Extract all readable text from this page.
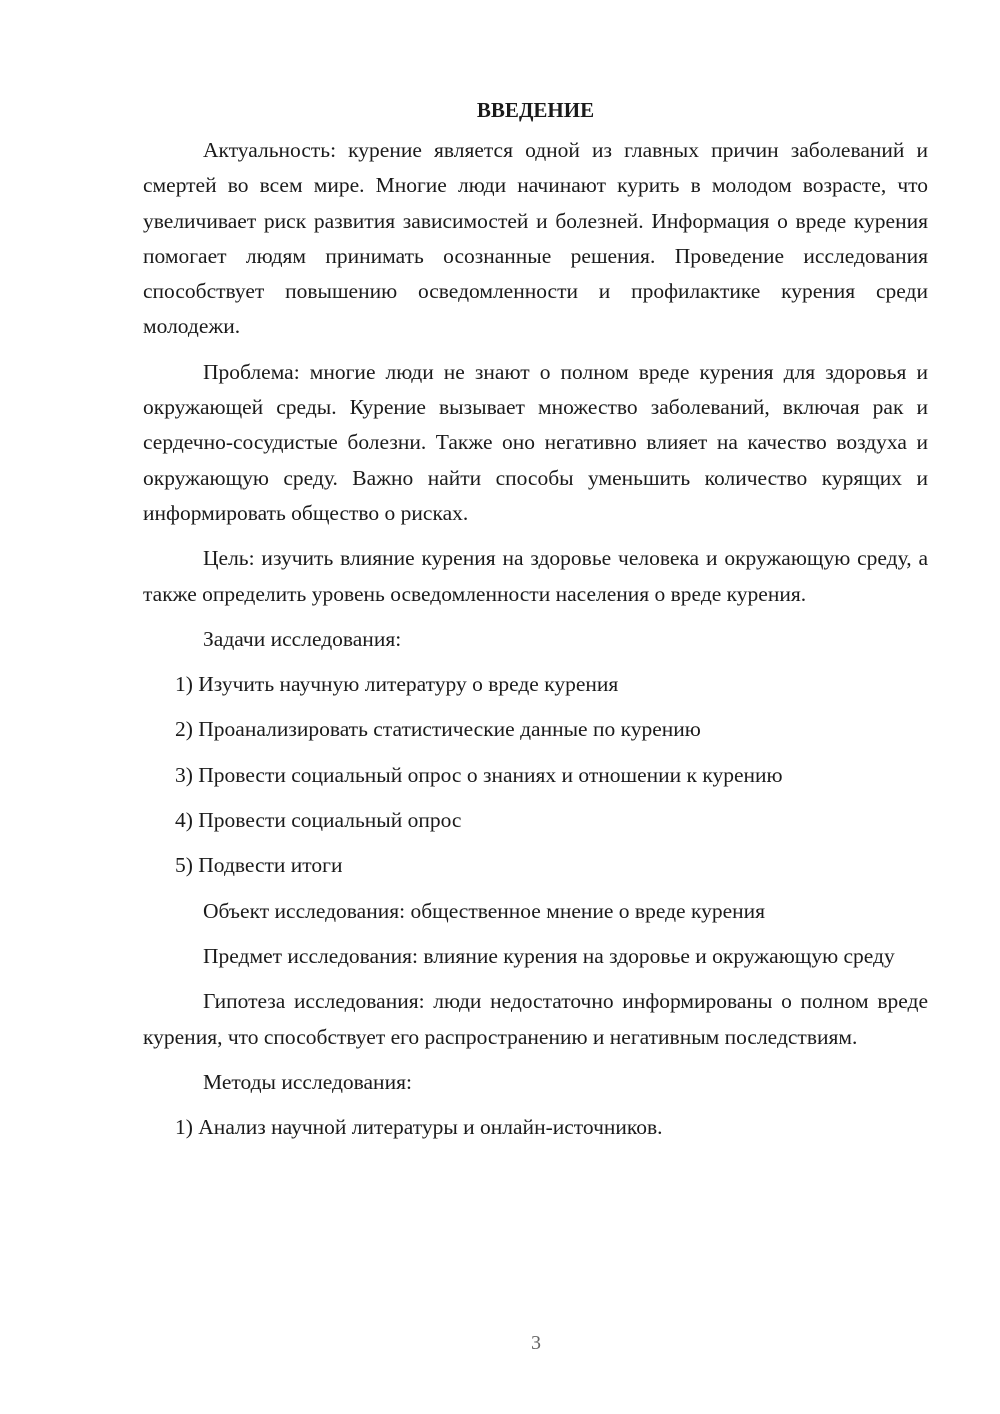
ВВЕДЕНИЕ

Актуальность: курение является одной из главных причин заболеваний и смертей во всем мире. Многие люди начинают курить в молодом возрасте, что увеличивает риск развития зависимостей и болезней. Информация о вреде курения помогает людям принимать осознанные решения. Проведение исследования способствует повышению осведомленности и профилактике курения среди молодежи.

Проблема: многие люди не знают о полном вреде курения для здоровья и окружающей среды. Курение вызывает множество заболеваний, включая рак и сердечно-сосудистые болезни. Также оно негативно влияет на качество воздуха и окружающую среду. Важно найти способы уменьшить количество курящих и информировать общество о рисках.

Цель: изучить влияние курения на здоровье человека и окружающую среду, а также определить уровень осведомленности населения о вреде курения.

Задачи исследования:
1) Изучить научную литературу о вреде курения
2) Проанализировать статистические данные по курению
3) Провести социальный опрос о знаниях и отношении к курению
4) Провести социальный опрос
5) Подвести итоги

Объект исследования: общественное мнение о вреде курения

Предмет исследования: влияние курения на здоровье и окружающую среду

Гипотеза исследования: люди недостаточно информированы о полном вреде курения, что способствует его распространению и негативным последствиям.

Методы исследования:
1) Анализ научной литературы и онлайн-источников.
3
